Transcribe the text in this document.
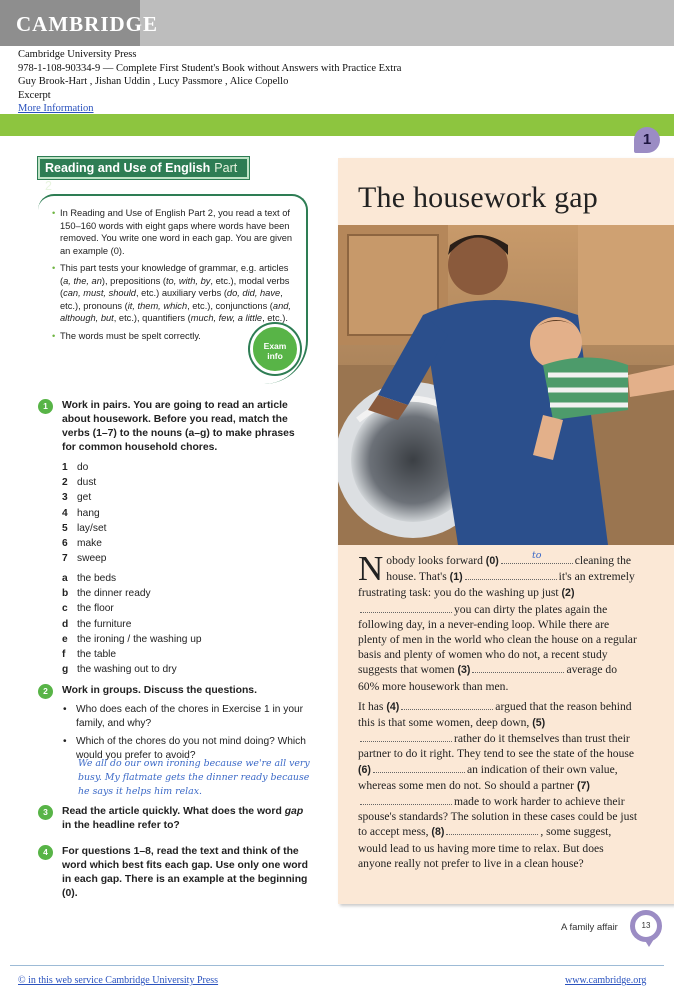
CAMBRIDGE
Cambridge University Press
978-1-108-90334-9 — Complete First Student's Book without Answers with Practice Extra
Guy Brook-Hart , Jishan Uddin , Lucy Passmore , Alice Copello
Excerpt
More Information
1
Reading and Use of English Part 2
• In Reading and Use of English Part 2, you read a text of 150–160 words with eight gaps where words have been removed. You write one word in each gap. You are given an example (0).
• This part tests your knowledge of grammar, e.g. articles (a, the, an), prepositions (to, with, by, etc.), modal verbs (can, must, should, etc.) auxiliary verbs (do, did, have, etc.), pronouns (it, them, which, etc.), conjunctions (and, although, but, etc.), quantifiers (much, few, a little, etc.).
• The words must be spelt correctly.
Exam
info
1	Work in pairs. You are going to read an article about housework. Before you read, match the verbs (1–7) to the nouns (a–g) to make phrases for common household chores.
1 do
2 dust
3 get
4 hang
5 lay/set
6 make
7 sweep
a the beds
b the dinner ready
c the floor
d the furniture
e the ironing / the washing up
f the table
g the washing out to dry
2	Work in groups. Discuss the questions.
• Who does each of the chores in Exercise 1 in your family, and why?
• Which of the chores do you not mind doing? Which would you prefer to avoid?
We all do our own ironing because we're all very busy. My flatmate gets the dinner ready because he says it helps him relax.
3	Read the article quickly. What does the word gap in the headline refer to?
4	For questions 1–8, read the text and think of the word which best fits each gap. Use only one word in each gap. There is an example at the beginning (0).
The housework gap

Nobody looks forward (0)	to	cleaning the house. That's (1)	it's an extremely frustrating task: you do the washing up just (2)you can dirty the plates again the following day, in a never-ending loop. While there are plenty of men in the world who clean the house on a regular basis and plenty of women who do not, a recent study suggests that women (3)	average do 60% more housework than men.

It has (4)	argued that the reason behind this is that some women, deep down, (5)rather do it themselves than trust their partner to do it right. They tend to see the state of the house (6)	an indication of their own value, whereas some men do not. So should a partner (7)made to work harder to achieve their spouse's standards? The solution in these cases could be just to accept mess, (8)	, some suggest, would lead to us having more time to relax. But does anyone really not prefer to live in a clean house?

A family affair	13
© in this web service Cambridge University Press	www.cambridge.org
